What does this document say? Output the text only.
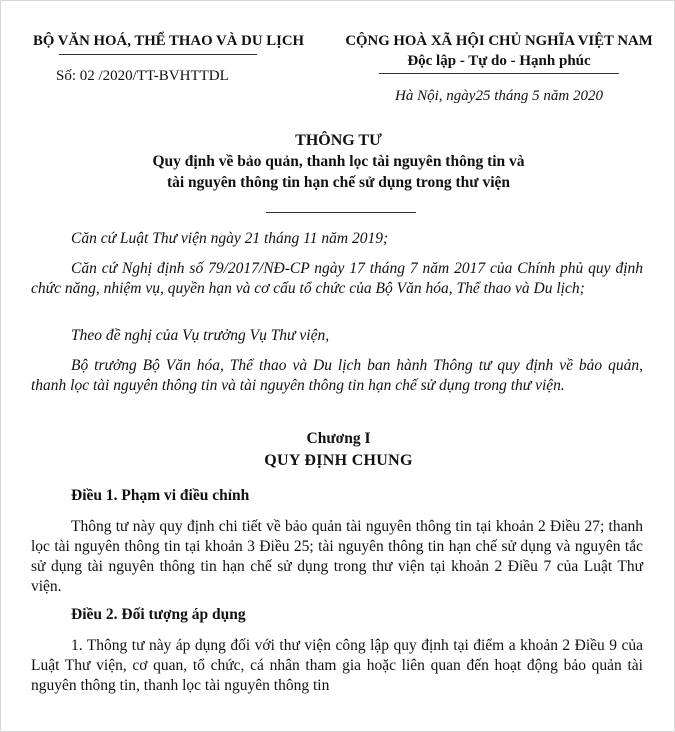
BỘ VĂN HOÁ, THỂ THAO VÀ DU LỊCH
Số: 02 /2020/TT-BVHTTDL
CỘNG HOÀ XÃ HỘI CHỦ NGHĨA VIỆT NAM
Độc lập - Tự do - Hạnh phúc
Hà Nội, ngày25 tháng 5 năm 2020
THÔNG TƯ
Quy định về bảo quản, thanh lọc tài nguyên thông tin và
tài nguyên thông tin hạn chế sử dụng trong thư viện
Căn cứ Luật Thư viện ngày 21 tháng 11 năm 2019;
Căn cứ Nghị định số 79/2017/NĐ-CP ngày 17 tháng 7 năm 2017 của Chính phủ quy định chức năng, nhiệm vụ, quyền hạn và cơ cấu tổ chức của Bộ Văn hóa, Thể thao và Du lịch;
Theo đề nghị của Vụ trưởng Vụ Thư viện,
Bộ trưởng Bộ Văn hóa, Thể thao và Du lịch ban hành Thông tư quy định về bảo quản, thanh lọc tài nguyên thông tin và tài nguyên thông tin hạn chế sử dụng trong thư viện.
Chương I
QUY ĐỊNH CHUNG
Điều 1. Phạm vi điều chỉnh
Thông tư này quy định chi tiết về bảo quản tài nguyên thông tin tại khoản 2 Điều 27; thanh lọc tài nguyên thông tin tại khoản 3 Điều 25; tài nguyên thông tin hạn chế sử dụng và nguyên tắc sử dụng tài nguyên thông tin hạn chế sử dụng trong thư viện tại khoản 2 Điều 7 của Luật Thư viện.
Điều 2. Đối tượng áp dụng
1. Thông tư này áp dụng đối với thư viện công lập quy định tại điểm a khoản 2 Điều 9 của Luật Thư viện, cơ quan, tổ chức, cá nhân tham gia hoặc liên quan đến hoạt động bảo quản tài nguyên thông tin, thanh lọc tài nguyên thông tin
